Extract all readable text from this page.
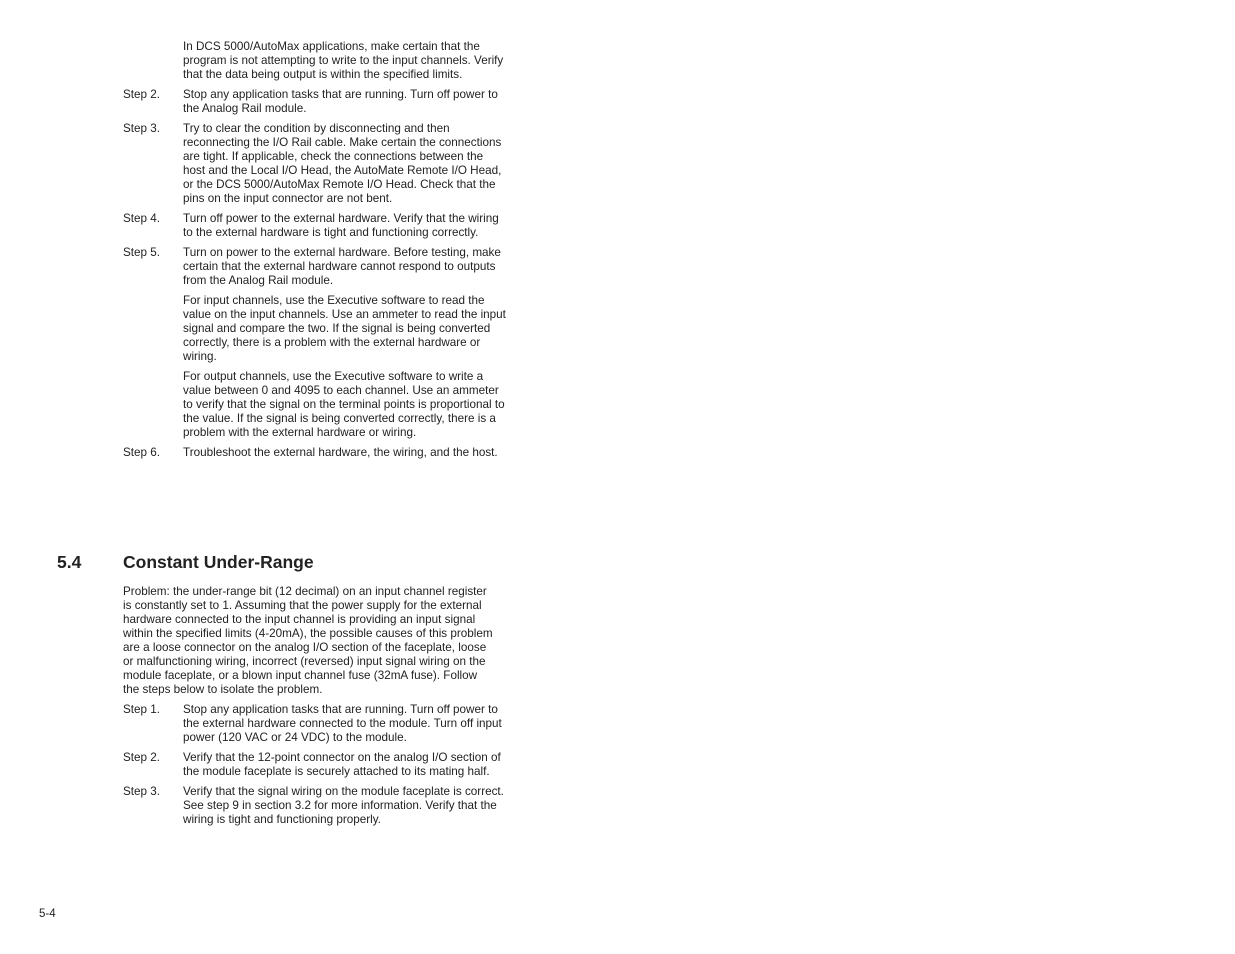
In DCS 5000/AutoMax applications, make certain that the program is not attempting to write to the input channels. Verify that the data being output is within the specified limits.

Step 2.	Stop any application tasks that are running. Turn off power to the Analog Rail module.
Step 3.	Try to clear the condition by disconnecting and then reconnecting the I/O Rail cable. Make certain the connections are tight. If applicable, check the connections between the host and the Local I/O Head, the AutoMate Remote I/O Head, or the DCS 5000/AutoMax Remote I/O Head. Check that the pins on the input connector are not bent.
Step 4.	Turn off power to the external hardware. Verify that the wiring to the external hardware is tight and functioning correctly.
Step 5.	Turn on power to the external hardware. Before testing, make certain that the external hardware cannot respond to outputs from the Analog Rail module.

For input channels, use the Executive software to read the value on the input channels. Use an ammeter to read the input signal and compare the two. If the signal is being converted correctly, there is a problem with the external hardware or wiring.

For output channels, use the Executive software to write a value between 0 and 4095 to each channel. Use an ammeter to verify that the signal on the terminal points is proportional to the value. If the signal is being converted correctly, there is a problem with the external hardware or wiring.

Step 6.	Troubleshoot the external hardware, the wiring, and the host.
5.4 Constant Under-Range

Problem: the under-range bit (12 decimal) on an input channel register is constantly set to 1. Assuming that the power supply for the external hardware connected to the input channel is providing an input signal within the specified limits (4-20mA), the possible causes of this problem are a loose connector on the analog I/O section of the faceplate, loose or malfunctioning wiring, incorrect (reversed) input signal wiring on the module faceplate, or a blown input channel fuse (32mA fuse). Follow the steps below to isolate the problem.

Step 1.	Stop any application tasks that are running. Turn off power to the external hardware connected to the module. Turn off input power (120 VAC or 24 VDC) to the module.
Step 2.	Verify that the 12-point connector on the analog I/O section of the module faceplate is securely attached to its mating half.
Step 3.	Verify that the signal wiring on the module faceplate is correct. See step 9 in section 3.2 for more information. Verify that the wiring is tight and functioning properly.
5-4
